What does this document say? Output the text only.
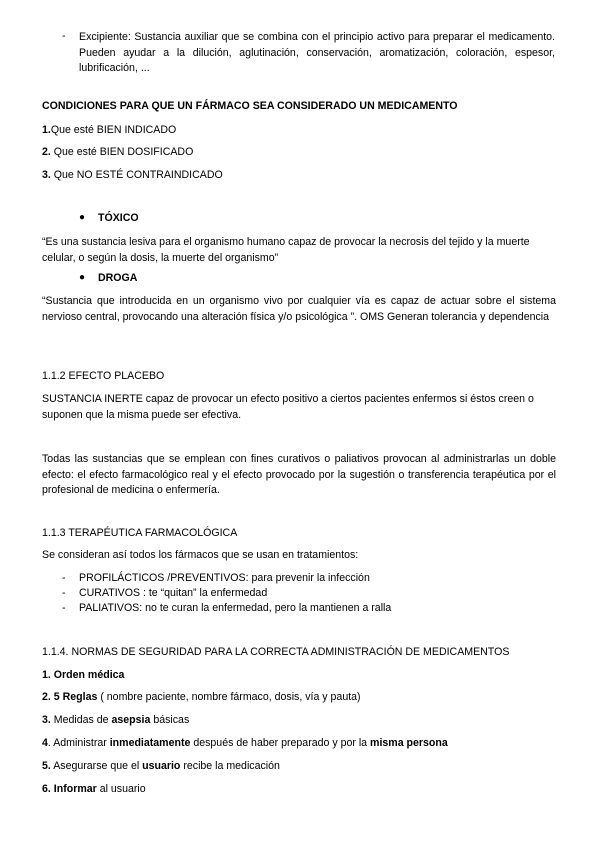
- Excipiente: Sustancia auxiliar que se combina con el principio activo para preparar el medicamento. Pueden ayudar a la dilución, aglutinación, conservación, aromatización, coloración, espesor, lubrificación, ...

CONDICIONES PARA QUE UN FÁRMACO SEA CONSIDERADO UN MEDICAMENTO

1.Que esté BIEN INDICADO

2. Que esté BIEN DOSIFICADO

3. Que NO ESTÉ CONTRAINDICADO

● TÓXICO

“Es una sustancia lesiva para el organismo humano capaz de provocar la necrosis del tejido y la muerte celular, o según la dosis, la muerte del organismo”

● DROGA

“Sustancia que introducida en un organismo vivo por cualquier vía es capaz de actuar sobre el sistema nervioso central, provocando una alteración física y/o psicológica ”. OMS Generan tolerancia y dependencia

1.1.2 EFECTO PLACEBO

SUSTANCIA INERTE capaz de provocar un efecto positivo a ciertos pacientes enfermos si éstos creen o suponen que la misma puede ser efectiva.

Todas las sustancias que se emplean con fines curativos o paliativos provocan al administrarlas un doble efecto: el efecto farmacológico real y el efecto provocado por la sugestión o transferencia terapéutica por el profesional de medicina o enfermería.

1.1.3 TERAPÉUTICA FARMACOLÓGICA

Se consideran así todos los fármacos que se usan en tratamientos:

- PROFILÁCTICOS /PREVENTIVOS: para prevenir la infección
- CURATIVOS : te “quitan” la enfermedad
- PALIATIVOS: no te curan la enfermedad, pero la mantienen a ralla

1.1.4. NORMAS DE SEGURIDAD PARA LA CORRECTA ADMINISTRACIÓN DE MEDICAMENTOS

1. Orden médica

2. 5 Reglas ( nombre paciente, nombre fármaco, dosis, vía y pauta)

3. Medidas de asepsia básicas

4. Administrar inmediatamente después de haber preparado y por la misma persona

5. Asegurarse que el usuario recibe la medicación

6. Informar al usuario
